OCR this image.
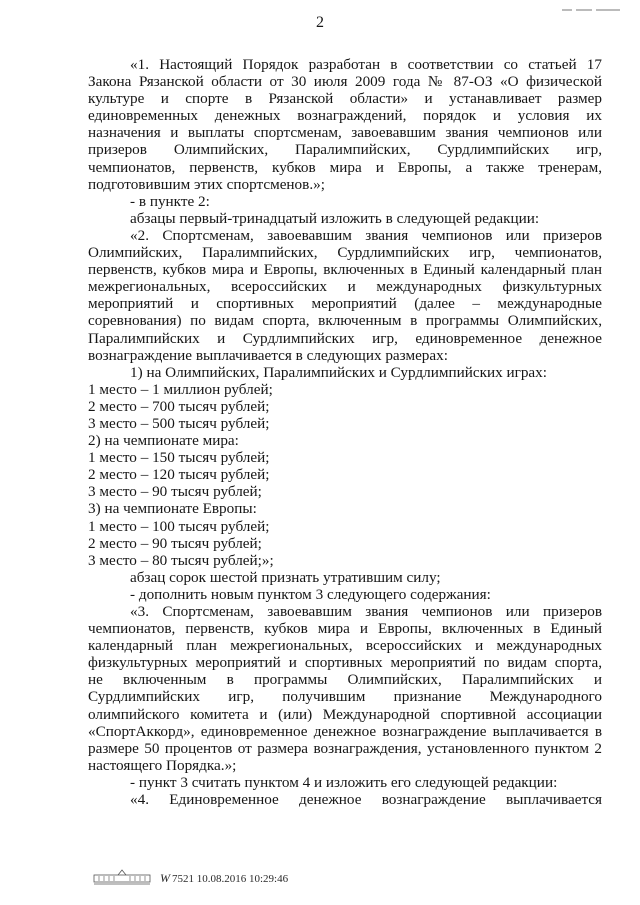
2

«1. Настоящий Порядок разработан в соответствии со статьей 17

Закона Рязанской области от 30 июля 2009 года № 87-ОЗ «О физической

культуре и спорте в Рязанской области» и устанавливает размер

единовременных денежных вознаграждений, порядок и условия их

назначения и выплаты спортсменам, завоевавшим звания чемпионов или

призеров Олимпийских, Паралимпийских, Сурдлимпийских игр,

чемпионатов, первенств, кубков мира и Европы, а также тренерам,

подготовившим этих спортсменов.»;

- в пункте 2:

абзацы первый-тринадцатый изложить в следующей редакции:

«2. Спортсменам, завоевавшим звания чемпионов или призеров

Олимпийских, Паралимпийских, Сурдлимпийских игр, чемпионатов,

первенств, кубков мира и Европы, включенных в Единый календарный план

межрегиональных, всероссийских и международных физкультурных

мероприятий и спортивных мероприятий (далее – международные

соревнования) по видам спорта, включенным в программы Олимпийских,

Паралимпийских и Сурдлимпийских игр, единовременное денежное

вознаграждение выплачивается в следующих размерах:

1) на Олимпийских, Паралимпийских и Сурдлимпийских играх:

1 место – 1 миллион рублей;

2 место – 700 тысяч рублей;

3 место – 500 тысяч рублей;

2) на чемпионате мира:

1 место – 150 тысяч рублей;

2 место – 120 тысяч рублей;

3 место – 90 тысяч рублей;

3) на чемпионате Европы:

1 место – 100 тысяч рублей;

2 место – 90 тысяч рублей;

3 место – 80 тысяч рублей;»;

абзац сорок шестой признать утратившим силу;

- дополнить новым пунктом 3 следующего содержания:

«3. Спортсменам, завоевавшим звания чемпионов или призеров

чемпионатов, первенств, кубков мира и Европы, включенных в Единый

календарный план межрегиональных, всероссийских и международных

физкультурных мероприятий и спортивных мероприятий по видам спорта,

не включенным в программы Олимпийских, Паралимпийских и

Сурдлимпийских игр, получившим признание Международного

олимпийского комитета и (или) Международной спортивной ассоциации

«СпортАккорд», единовременное денежное вознаграждение выплачивается в

размере 50 процентов от размера вознаграждения, установленного пунктом 2

настоящего Порядка.»;

- пункт 3 считать пунктом 4 и изложить его следующей редакции:

«4. Единовременное денежное вознаграждение выплачивается

W 7521 10.08.2016 10:29:46
